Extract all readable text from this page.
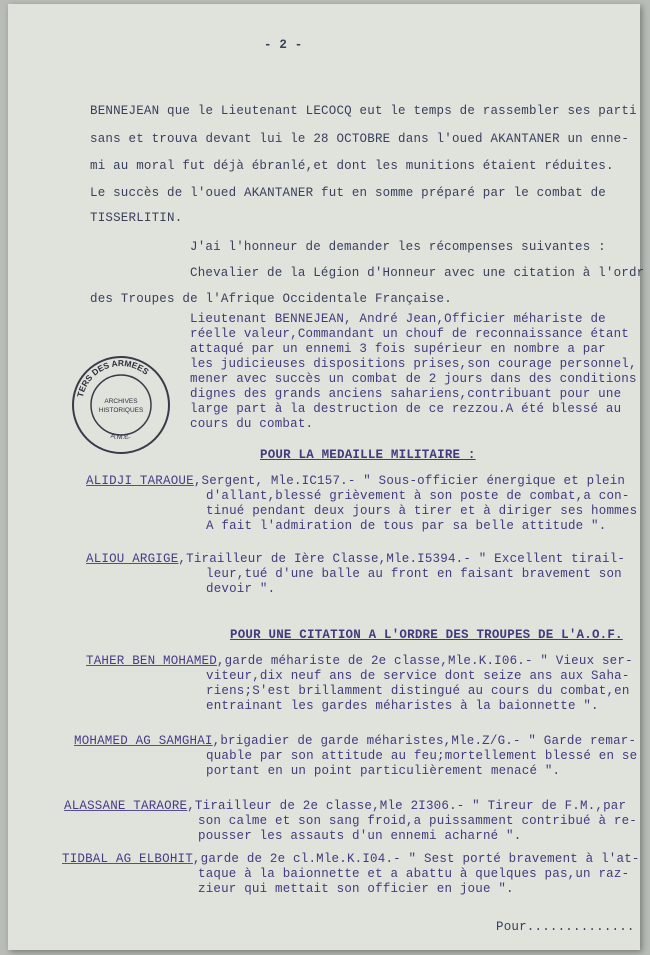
- 2 -
BENNEJEAN que le Lieutenant LECOCQ eut le temps de rassembler ses parti
sans et trouva devant lui le 28 OCTOBRE dans l'oued AKANTANER un enne-
mi au moral fut déjà ébranlé,et dont les munitions étaient réduites.
Le succès de l'oued AKANTANER fut en somme préparé par le combat de
TISSERLITIN.
J'ai l'honneur de demander les récompenses suivantes :
Chevalier de la Légion d'Honneur avec une citation à l'ordr
des Troupes de l'Afrique Occidentale Française.
TERS DES ARMEES
A.M.E.
ARCHIVES
HISTORIQUES
Lieutenant BENNEJEAN, André Jean,Officier méhariste de
réelle valeur,Commandant un chouf de reconnaissance étant
attaqué par un ennemi 3 fois supérieur en nombre a par
les judicieuses dispositions prises,son courage personnel,
mener avec succès un combat de 2 jours dans des conditions
dignes des grands anciens sahariens,contribuant pour une
large part à la destruction de ce rezzou.A été blessé au
cours du combat.
POUR LA MEDAILLE MILITAIRE :
ALIDJI TARAOUE,Sergent, Mle.IC157.- " Sous-officier énergique et plein
d'allant,blessé grièvement à son poste de combat,a con-
tinué pendant deux jours à tirer et à diriger ses hommes
A fait l'admiration de tous par sa belle attitude ".
ALIOU ARGIGE,Tirailleur de Ière Classe,Mle.I5394.- " Excellent tirail-
leur,tué d'une balle au front en faisant bravement son
devoir ".
POUR UNE CITATION A L'ORDRE DES TROUPES DE L'A.O.F.
TAHER BEN MOHAMED,garde méhariste de 2e classe,Mle.K.I06.- " Vieux ser-
viteur,dix neuf ans de service dont seize ans aux Saha-
riens;S'est brillamment distingué au cours du combat,en
entrainant les gardes méharistes à la baionnette ".
MOHAMED AG SAMGHAI,brigadier de garde méharistes,Mle.Z/G.- " Garde remar-
quable par son attitude au feu;mortellement blessé en se
portant en un point particulièrement menacé ".
ALASSANE TARAORE,Tirailleur de 2e classe,Mle 2I306.- " Tireur de F.M.,par
son calme et son sang froid,a puissamment contribué à re-
pousser les assauts d'un ennemi acharné ".
TIDBAL AG ELBOHIT,garde de 2e cl.Mle.K.I04.- " Sest porté bravement à l'at-
taque à la baionnette et a abattu à quelques pas,un raz-
zieur qui mettait son officier en joue ".
Pour..............
